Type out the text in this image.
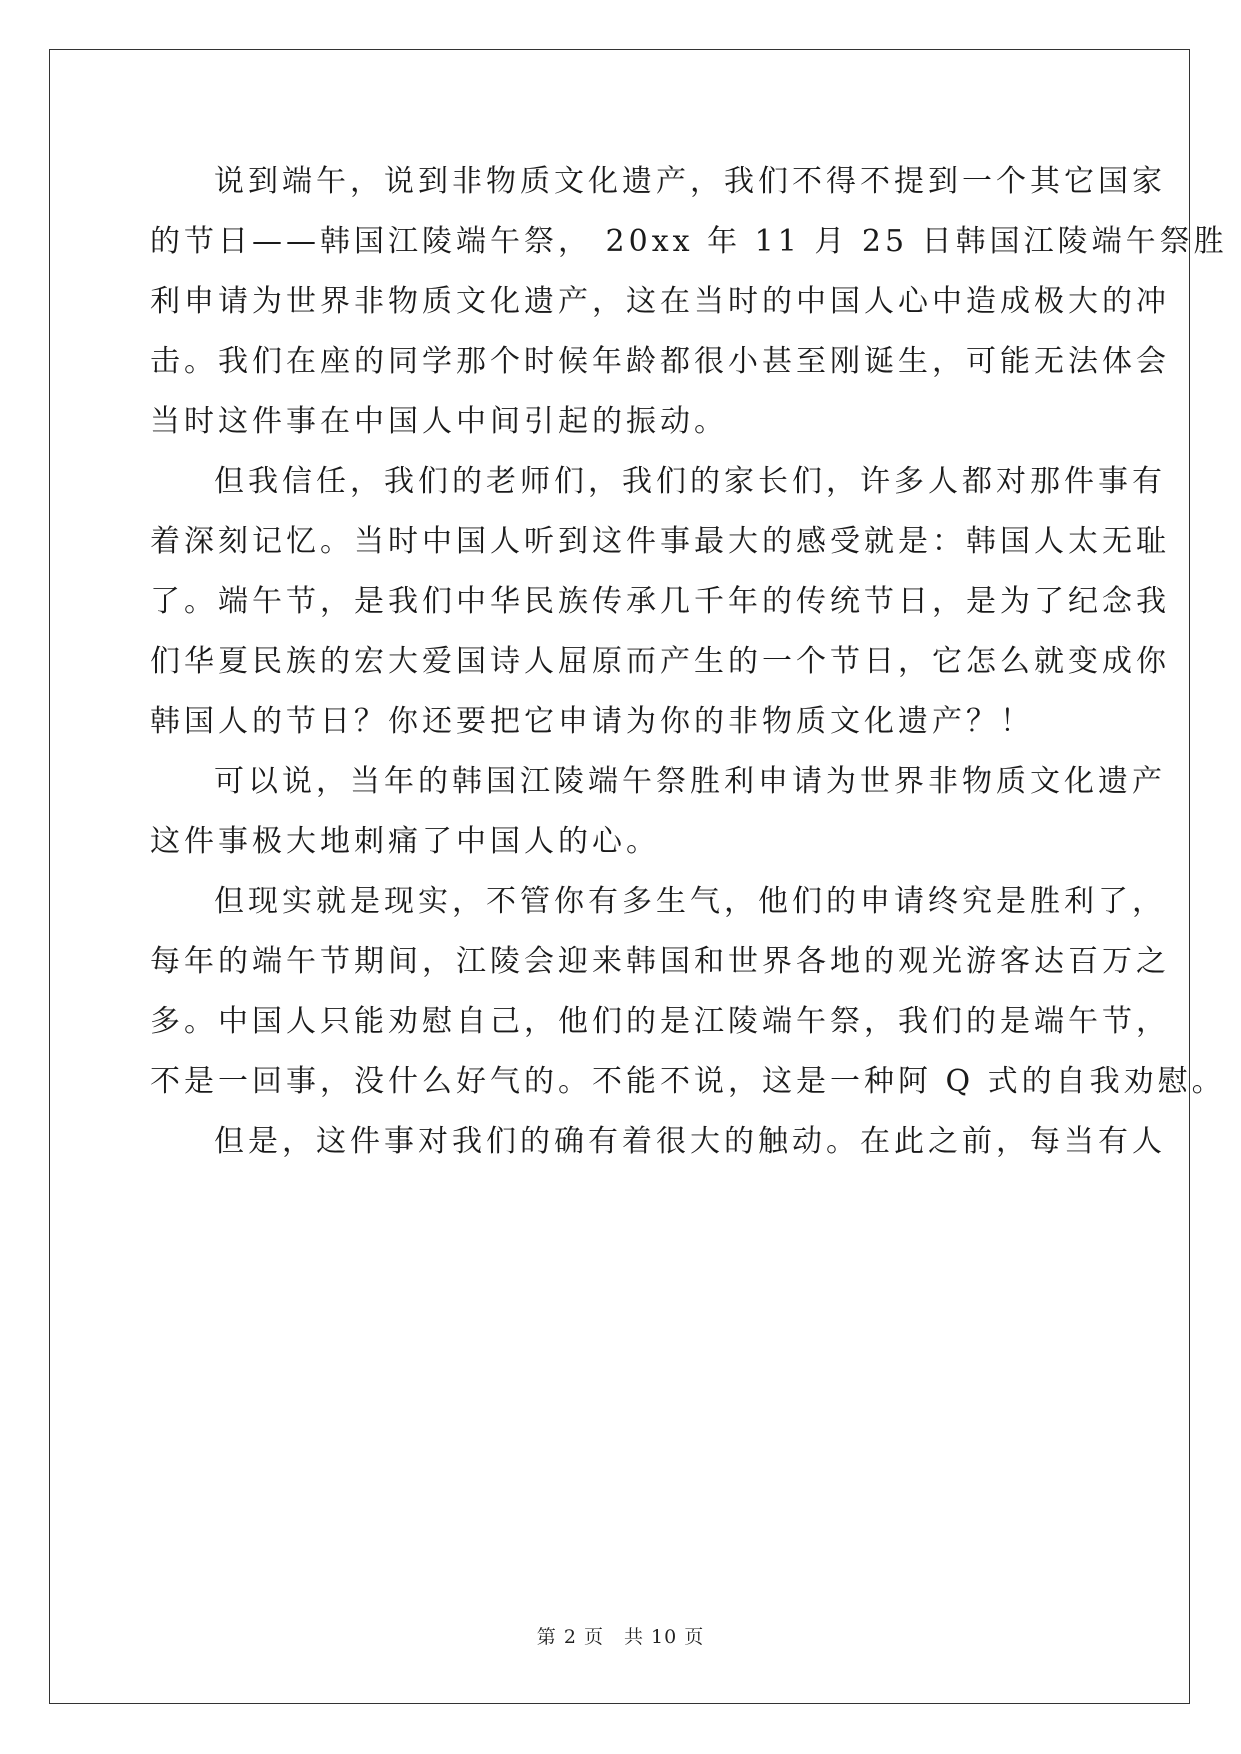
说到端午，说到非物质文化遗产，我们不得不提到一个其它国家
的节日——韩国江陵端午祭， 20xx 年 11 月 25 日韩国江陵端午祭胜
利申请为世界非物质文化遗产，这在当时的中国人心中造成极大的冲
击。我们在座的同学那个时候年龄都很小甚至刚诞生，可能无法体会
当时这件事在中国人中间引起的振动。
但我信任，我们的老师们，我们的家长们，许多人都对那件事有
着深刻记忆。当时中国人听到这件事最大的感受就是：韩国人太无耻
了。端午节，是我们中华民族传承几千年的传统节日，是为了纪念我
们华夏民族的宏大爱国诗人屈原而产生的一个节日，它怎么就变成你
韩国人的节日？你还要把它申请为你的非物质文化遗产？！
可以说，当年的韩国江陵端午祭胜利申请为世界非物质文化遗产
这件事极大地刺痛了中国人的心。
但现实就是现实，不管你有多生气，他们的申请终究是胜利了，
每年的端午节期间，江陵会迎来韩国和世界各地的观光游客达百万之
多。中国人只能劝慰自己，他们的是江陵端午祭，我们的是端午节，
不是一回事，没什么好气的。不能不说，这是一种阿 Q 式的自我劝慰。
但是，这件事对我们的确有着很大的触动。在此之前，每当有人
第 2 页 共 10 页
